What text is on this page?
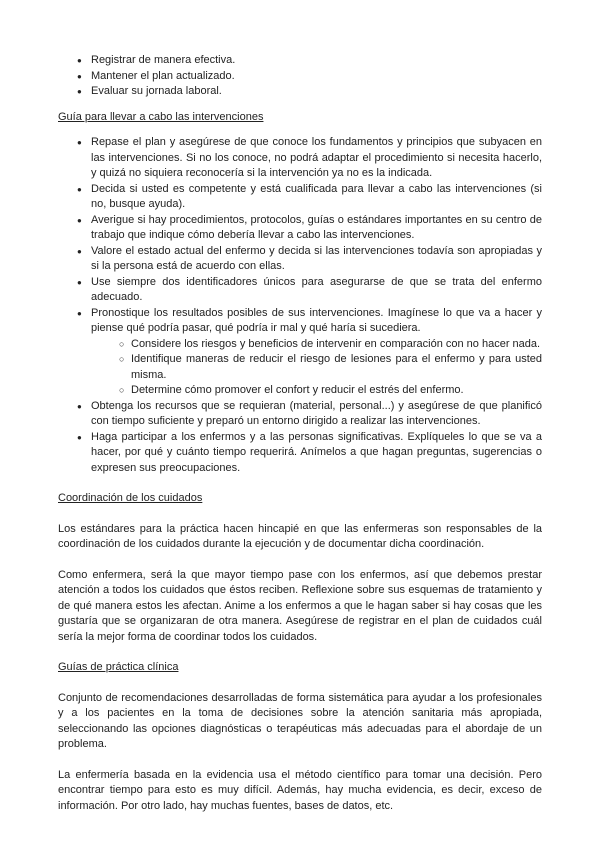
● Registrar de manera efectiva.
● Mantener el plan actualizado.
● Evaluar su jornada laboral.

Guía para llevar a cabo las intervenciones

● Repase el plan y asegúrese de que conoce los fundamentos y principios que subyacen en las intervenciones. Si no los conoce, no podrá adaptar el procedimiento si necesita hacerlo, y quizá no siquiera reconocería si la intervención ya no es la indicada.
● Decida si usted es competente y está cualificada para llevar a cabo las intervenciones (si no, busque ayuda).
● Averigue si hay procedimientos, protocolos, guías o estándares importantes en su centro de trabajo que indique cómo debería llevar a cabo las intervenciones.
● Valore el estado actual del enfermo y decida si las intervenciones todavía son apropiadas y si la persona está de acuerdo con ellas.
● Use siempre dos identificadores únicos para asegurarse de que se trata del enfermo adecuado.
● Pronostique los resultados posibles de sus intervenciones. Imagínese lo que va a hacer y piense qué podría pasar, qué podría ir mal y qué haría si sucediera.
○ Considere los riesgos y beneficios de intervenir en comparación con no hacer nada.
○ Identifique maneras de reducir el riesgo de lesiones para el enfermo y para usted misma.
○ Determine cómo promover el confort y reducir el estrés del enfermo.
● Obtenga los recursos que se requieran (material, personal...) y asegúrese de que planificó con tiempo suficiente y preparó un entorno dirigido a realizar las intervenciones.
● Haga participar a los enfermos y a las personas significativas. Explíqueles lo que se va a hacer, por qué y cuánto tiempo requerirá. Anímelos a que hagan preguntas, sugerencias o expresen sus preocupaciones.

Coordinación de los cuidados

Los estándares para la práctica hacen hincapié en que las enfermeras son responsables de la coordinación de los cuidados durante la ejecución y de documentar dicha coordinación.

Como enfermera, será la que mayor tiempo pase con los enfermos, así que debemos prestar atención a todos los cuidados que éstos reciben. Reflexione sobre sus esquemas de tratamiento y de qué manera estos les afectan. Anime a los enfermos a que le hagan saber si hay cosas que les gustaría que se organizaran de otra manera. Asegúrese de registrar en el plan de cuidados cuál sería la mejor forma de coordinar todos los cuidados.

Guías de práctica clínica

Conjunto de recomendaciones desarrolladas de forma sistemática para ayudar a los profesionales y a los pacientes en la toma de decisiones sobre la atención sanitaria más apropiada, seleccionando las opciones diagnósticas o terapéuticas más adecuadas para el abordaje de un problema.

La enfermería basada en la evidencia usa el método científico para tomar una decisión. Pero encontrar tiempo para esto es muy difícil. Además, hay mucha evidencia, es decir, exceso de información. Por otro lado, hay muchas fuentes, bases de datos, etc.
